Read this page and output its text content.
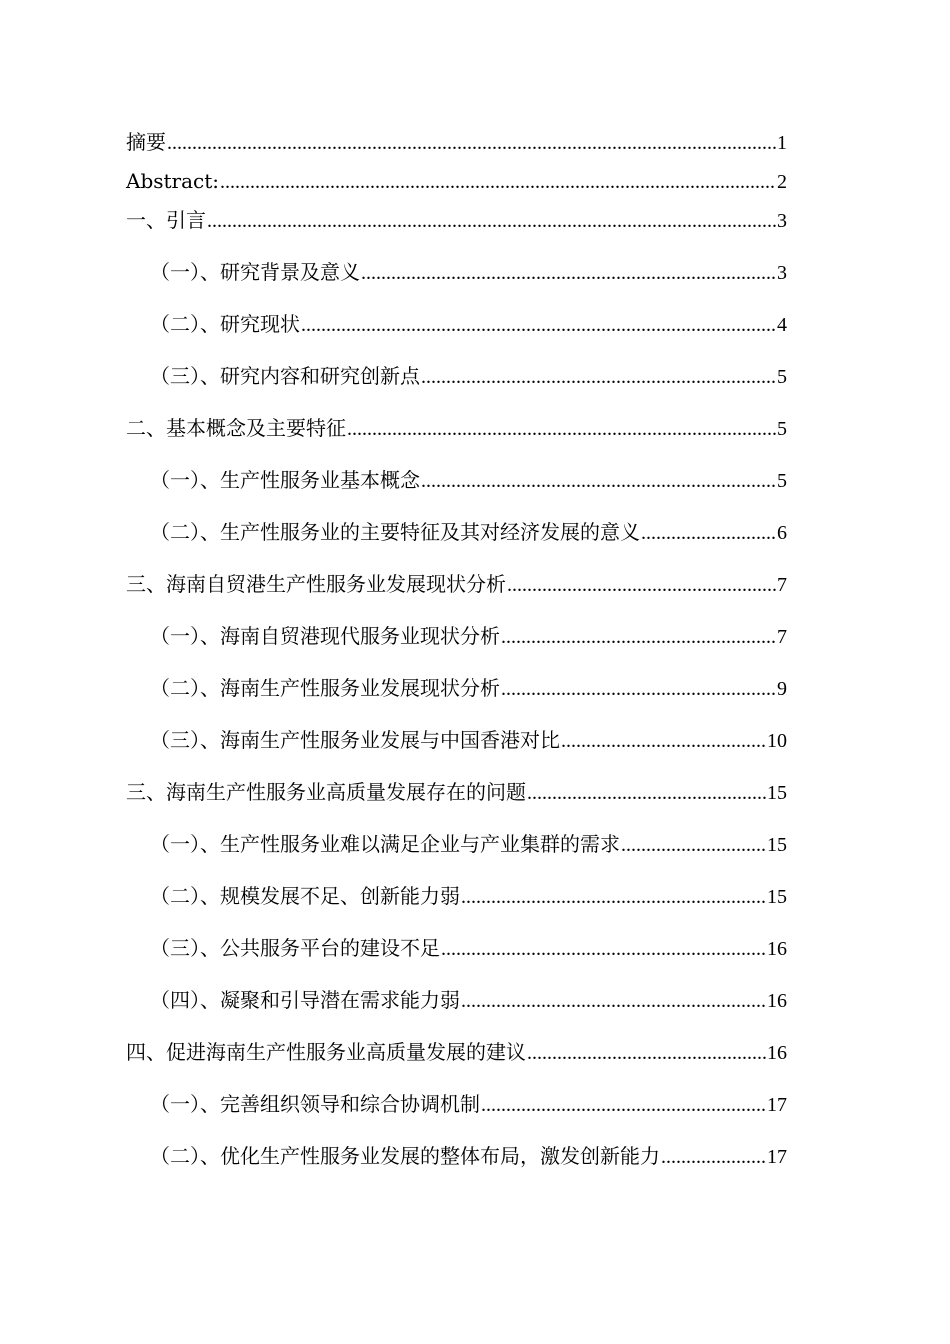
摘要 .....	1
Abstract: .....	2
一、引言 .....	3
（一）、研究背景及意义 .....	3
（二）、研究现状 .....	4
（三）、研究内容和研究创新点 .....	5
二、基本概念及主要特征 .....	5
（一）、生产性服务业基本概念 .....	5
（二）、生产性服务业的主要特征及其对经济发展的意义 .....	6
三、海南自贸港生产性服务业发展现状分析 .....	7
（一）、海南自贸港现代服务业现状分析 .....	7
（二）、海南生产性服务业发展现状分析 .....	9
（三）、海南生产性服务业发展与中国香港对比 .....	10
三、海南生产性服务业高质量发展存在的问题 .....	15
（一）、生产性服务业难以满足企业与产业集群的需求 .....	15
（二）、规模发展不足、创新能力弱 .....	15
（三）、公共服务平台的建设不足 .....	16
（四）、凝聚和引导潜在需求能力弱 .....	16
四、促进海南生产性服务业高质量发展的建议 .....	16
（一）、完善组织领导和综合协调机制 .....	17
（二）、优化生产性服务业发展的整体布局，激发创新能力 .....	17
